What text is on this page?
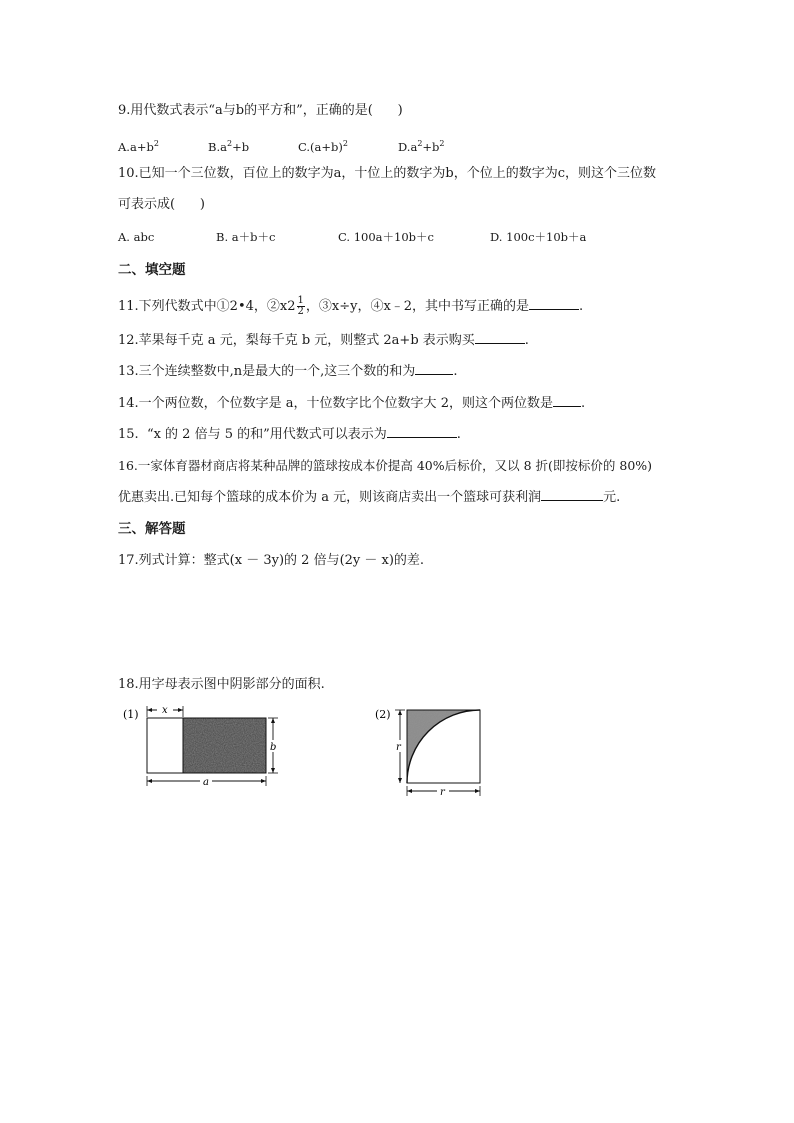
9.用代数式表示“a与b的平方和”，正确的是(      )
$A.a+b^2$	$B.a^2+b$	$C.(a+b)^2$	$D.a^2+b^2$
10.已知一个三位数，百位上的数字为a，十位上的数字为b，个位上的数字为c，则这个三位数
可表示成(      )
A. abc	B. a＋b＋c	C. 100a＋10b＋c	D. 100c＋10b＋a
二、填空题
11.下列代数式中①2•4，②x2 $\frac{1}{2}$ ，③x÷y，④x﹣2，其中书写正确的是	.
12.苹果每千克 a 元，梨每千克 b 元，则整式 2a+b 表示购买	.
13.三个连续整数中,n是最大的一个,这三个数的和为	.
14.一个两位数，个位数字是 a，十位数字比个位数字大 2，则这个两位数是 .
15.  “x 的 2 倍与 5 的和”用代数式可以表示为	.
16.一家体育器材商店将某种品牌的篮球按成本价提高 40%后标价，又以 8 折(即按标价的 80%)
优惠卖出.已知每个篮球的成本价为 a 元，则该商店卖出一个篮球可获利润	元.
三、解答题
17.列式计算：整式(x － 3y)的 2 倍与(2y － x)的差.
18.用字母表示图中阴影部分的面积.
(1) x
b
a
(2)
r
r
